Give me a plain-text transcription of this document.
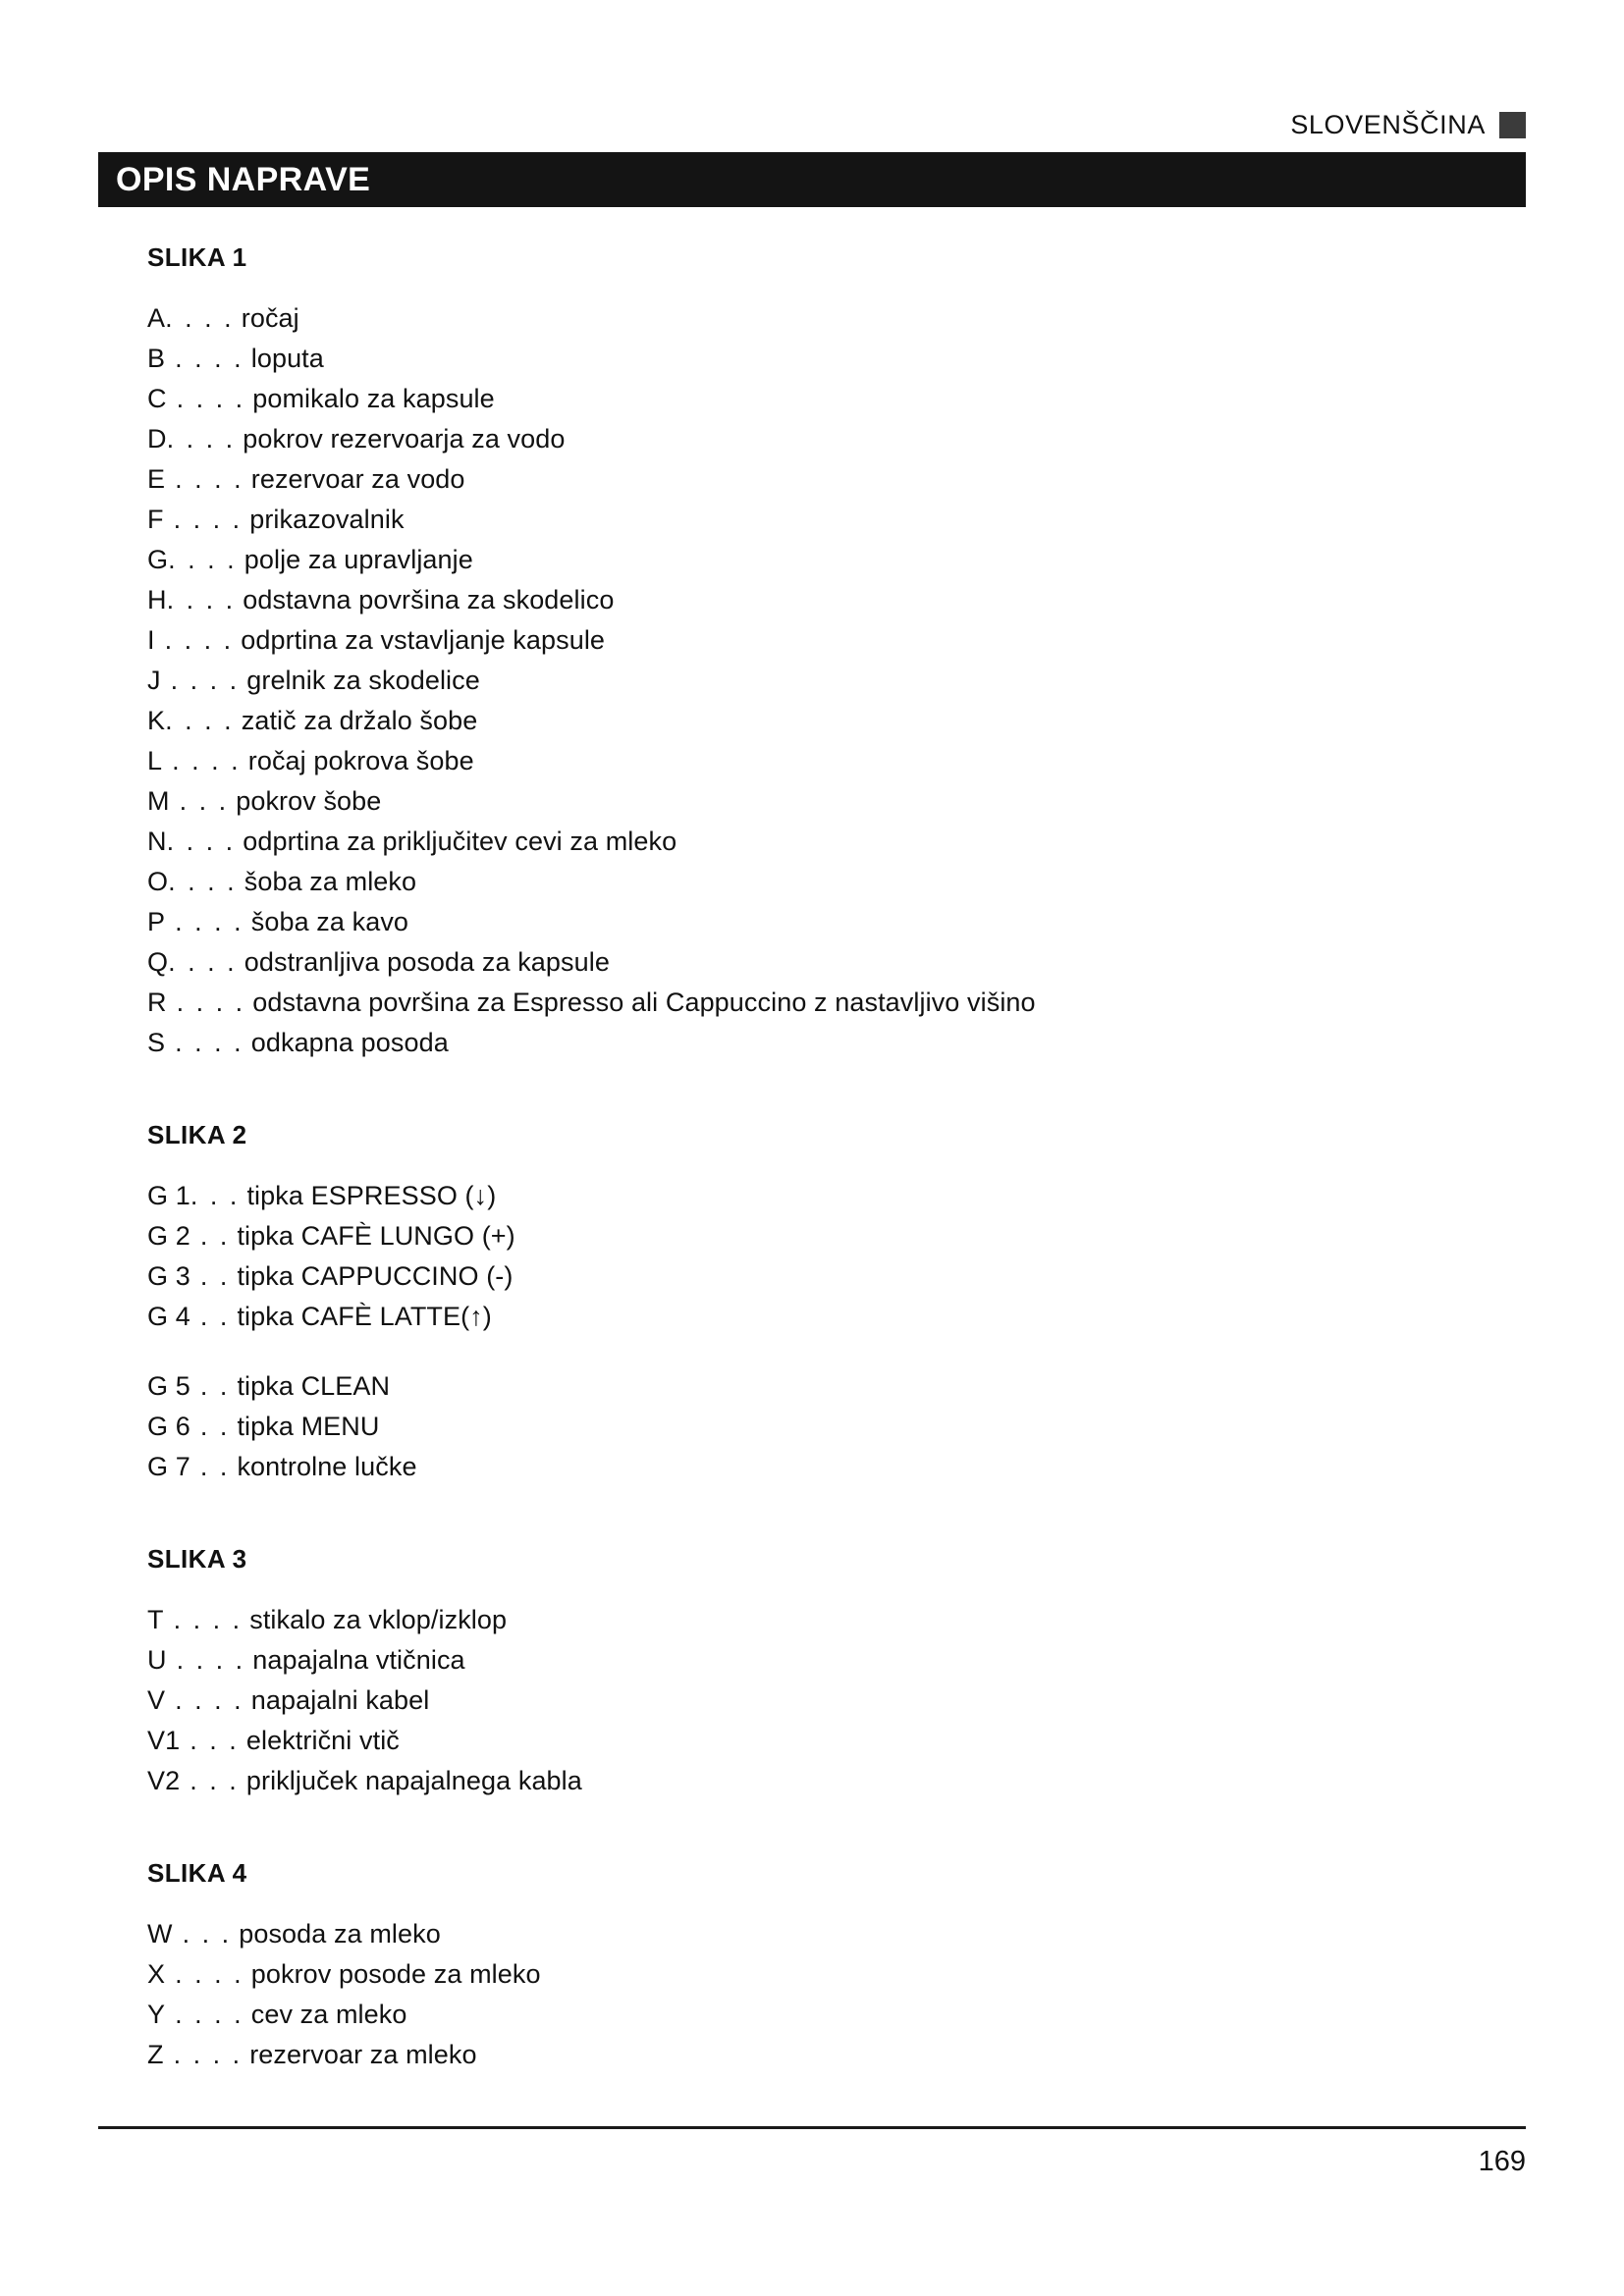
SLOVENŠČINA
OPIS NAPRAVE
SLIKA 1
A. . . . ročaj
B . . . . loputa
C . . . . pomikalo za kapsule
D. . . . pokrov rezervoarja za vodo
E . . . . rezervoar za vodo
F . . . . prikazovalnik
G. . . . polje za upravljanje
H. . . . odstavna površina za skodelico
I . . . . odprtina za vstavljanje kapsule
J . . . . grelnik za skodelice
K. . . . zatič za držalo šobe
L . . . . ročaj pokrova šobe
M . . . pokrov šobe
N. . . . odprtina za priključitev cevi za mleko
O. . . . šoba za mleko
P . . . . šoba za kavo
Q. . . . odstranljiva posoda za kapsule
R . . . . odstavna površina za Espresso ali Cappuccino z nastavljivo višino
S . . . . odkapna posoda
SLIKA 2
G 1. . . tipka ESPRESSO (↓)
G 2 . . tipka CAFÈ LUNGO (+)
G 3 . . tipka CAPPUCCINO (-)
G 4 . . tipka CAFÈ LATTE(↑)
G 5 . . tipka CLEAN
G 6 . . tipka MENU
G 7 . . kontrolne lučke
SLIKA 3
T . . . . stikalo za vklop/izklop
U . . . . napajalna vtičnica
V . . . . napajalni kabel
V1 . . . električni vtič
V2 . . . priključek napajalnega kabla
SLIKA 4
W . . . posoda za mleko
X . . . . pokrov posode za mleko
Y . . . . cev za mleko
Z . . . . rezervoar za mleko
169
